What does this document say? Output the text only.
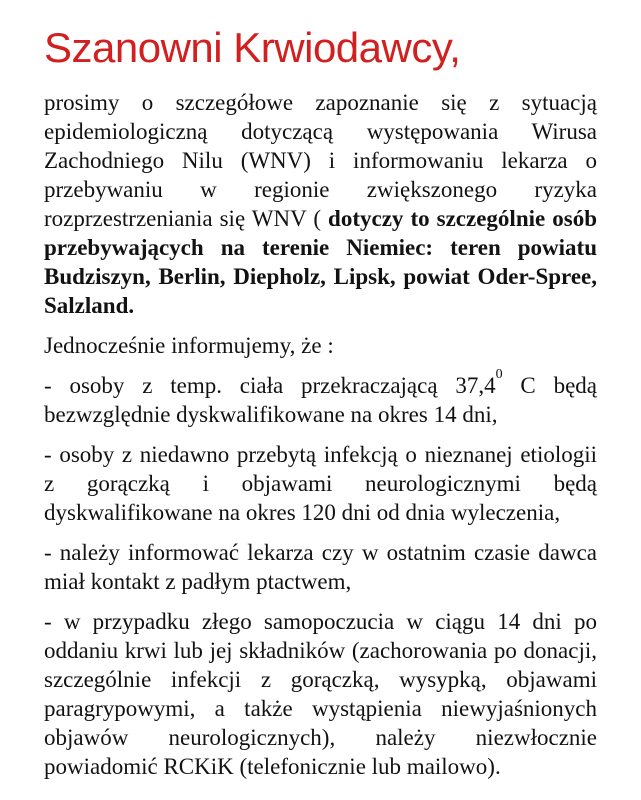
Szanowni Krwiodawcy,

prosimy o szczegółowe zapoznanie się z sytuacją epidemiologiczną dotyczącą występowania Wirusa Zachodniego Nilu (WNV) i informowaniu lekarza o przebywaniu w regionie zwiększonego ryzyka rozprzestrzeniania się WNV ( dotyczy to szczególnie osób przebywających na terenie Niemiec: teren powiatu Budziszyn, Berlin, Diepholz, Lipsk, powiat Oder-Spree, Salzland.

Jednocześnie informujemy, że :

- osoby z temp. ciała przekraczającą 37,4$^0$ C będą bezwzględnie dyskwalifikowane na okres 14 dni,

- osoby z niedawno przebytą infekcją o nieznanej etiologii z gorączką i objawami neurologicznymi będą dyskwalifikowane na okres 120 dni od dnia wyleczenia,

- należy informować lekarza czy w ostatnim czasie dawca miał kontakt z padłym ptactwem,

- w przypadku złego samopoczucia w ciągu 14 dni po oddaniu krwi lub jej składników (zachorowania po donacji, szczególnie infekcji z gorączką, wysypką, objawami paragrypowymi, a także wystąpienia niewyjaśnionych objawów neurologicznych), należy niezwłocznie powiadomić RCKiK (telefonicznie lub mailowo).
